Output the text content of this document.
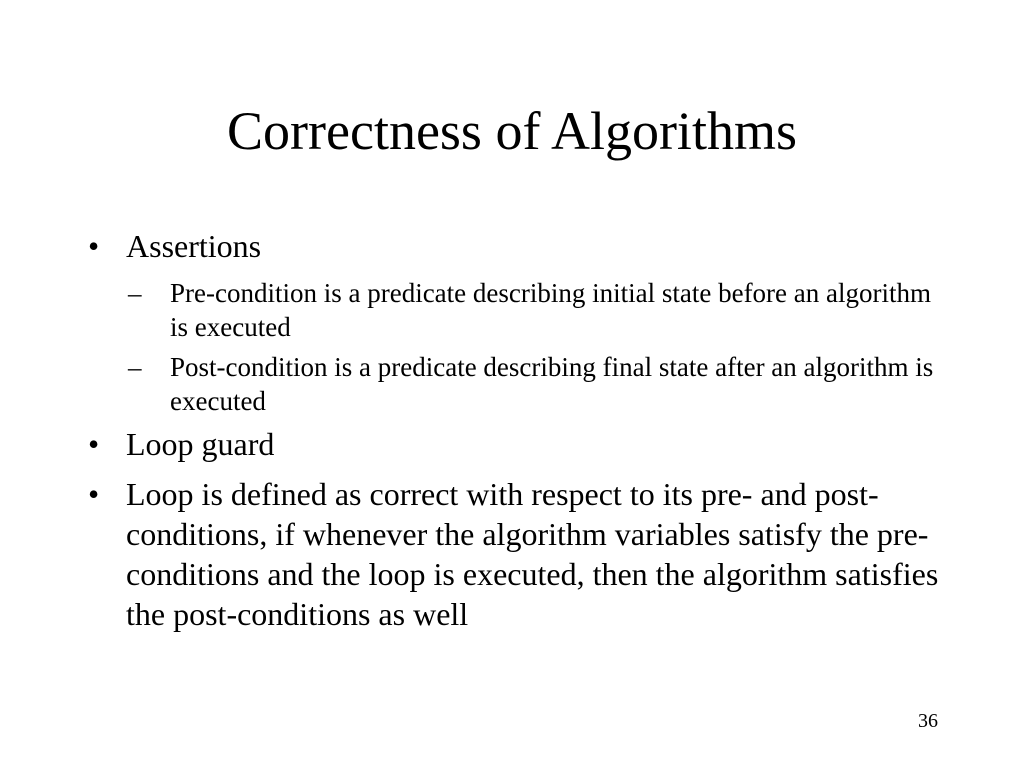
Correctness of Algorithms
• Assertions
– Pre-condition is a predicate describing initial state before an algorithm is executed
– Post-condition is a predicate describing final state after an algorithm is executed
• Loop guard
• Loop is defined as correct with respect to its pre- and post- conditions, if whenever the algorithm variables satisfy the pre-conditions and the loop is executed, then the algorithm satisfies the post-conditions as well
36
